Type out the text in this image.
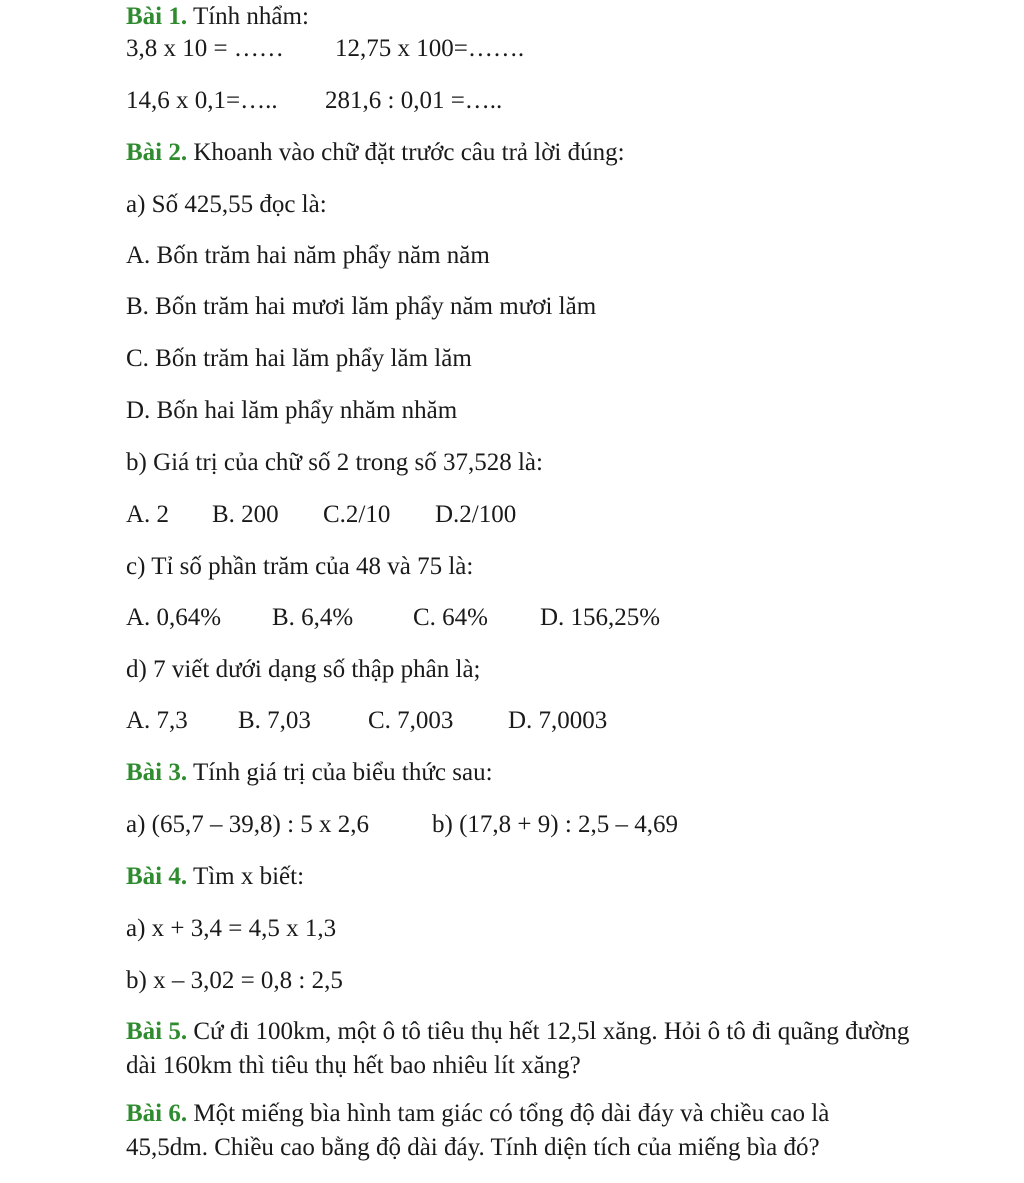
Bài 1. Tính nhẩm:
3,8 x 10 = …… 12,75 x 100=…….
14,6 x 0,1=….. 281,6 : 0,01 =…..
Bài 2. Khoanh vào chữ đặt trước câu trả lời đúng:
a) Số 425,55 đọc là:
A. Bốn trăm hai năm phẩy năm năm
B. Bốn trăm hai mươi lăm phẩy năm mươi lăm
C. Bốn trăm hai lăm phẩy lăm lăm
D. Bốn hai lăm phẩy nhăm nhăm
b) Giá trị của chữ số 2 trong số 37,528 là:
A. 2 B. 200 C.2/10 D.2/100
c) Tỉ số phần trăm của 48 và 75 là:
A. 0,64% B. 6,4% C. 64% D. 156,25%
d) 7 viết dưới dạng số thập phân là;
A. 7,3 B. 7,03 C. 7,003 D. 7,0003
Bài 3. Tính giá trị của biểu thức sau:
a) (65,7 – 39,8) : 5 x 2,6	b) (17,8 + 9) : 2,5 – 4,69
Bài 4. Tìm x biết:
a) x + 3,4 = 4,5 x 1,3
b) x – 3,02 = 0,8 : 2,5
Bài 5. Cứ đi 100km, một ô tô tiêu thụ hết 12,5l xăng. Hỏi ô tô đi quãng đường dài 160km thì tiêu thụ hết bao nhiêu lít xăng?
Bài 6. Một miếng bìa hình tam giác có tổng độ dài đáy và chiều cao là 45,5dm. Chiều cao bằng độ dài đáy. Tính diện tích của miếng bìa đó?
